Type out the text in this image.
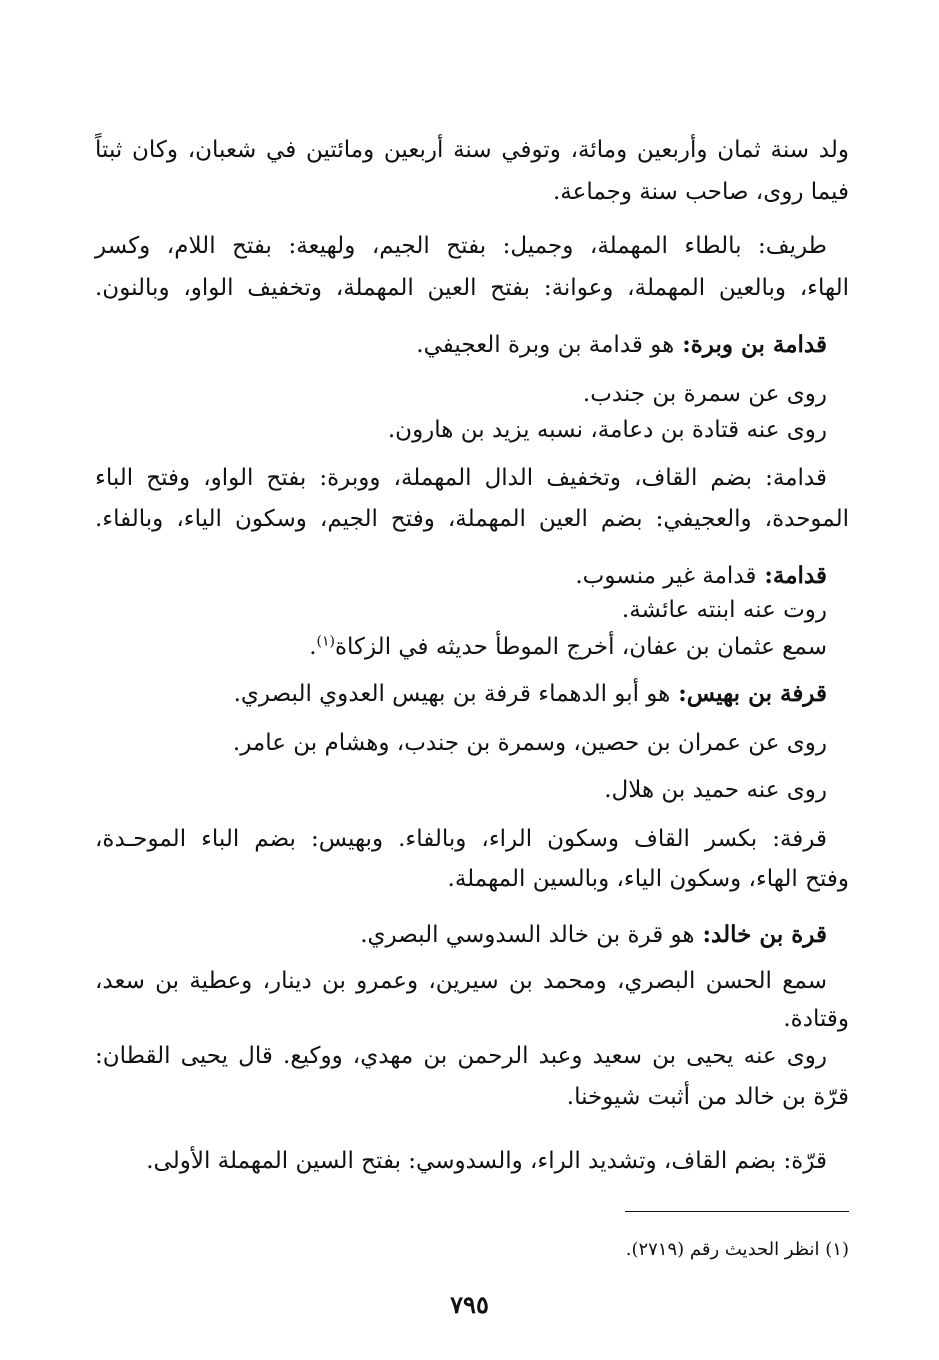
ولد سنة ثمان وأربعين ومائة، وتوفي سنة أربعين ومائتين في شعبان، وكان ثبتاً
فيما روى، صاحب سنة وجماعة.
طريف: بالطاء المهملة، وجميل: بفتح الجيم، ولهيعة: بفتح اللام، وكسر
الهاء، وبالعين المهملة، وعوانة: بفتح العين المهملة، وتخفيف الواو، وبالنون.
قدامة بن وبرة: هو قدامة بن وبرة العجيفي.
روى عن سمرة بن جندب.
روى عنه قتادة بن دعامة، نسبه يزيد بن هارون.
قدامة: بضم القاف، وتخفيف الدال المهملة، ووبرة: بفتح الواو، وفتح الباء
الموحدة، والعجيفي: بضم العين المهملة، وفتح الجيم، وسكون الياء، وبالفاء.
قدامة: قدامة غير منسوب.
روت عنه ابنته عائشة.
سمع عثمان بن عفان، أخرج الموطأ حديثه في الزكاة$^{(١)}$.
قرفة بن بهيس: هو أبو الدهماء قرفة بن بهيس العدوي البصري.
روى عن عمران بن حصين، وسمرة بن جندب، وهشام بن عامر.
روى عنه حميد بن هلال.
قرفة: بكسر القاف وسكون الراء، وبالفاء. وبهيس: بضم الباء الموحـدة،
وفتح الهاء، وسكون الياء، وبالسين المهملة.
قرة بن خالد: هو قرة بن خالد السدوسي البصري.
سمع الحسن البصري، ومحمد بن سيرين، وعمرو بن دينار، وعطية بن سعد،
وقتادة.
روى عنه يحيى بن سعيد وعبد الرحمن بن مهدي، ووكيع. قال يحيى القطان:
قرّة بن خالد من أثبت شيوخنا.
قرّة: بضم القاف، وتشديد الراء، والسدوسي: بفتح السين المهملة الأولى.
(١) انظر الحديث رقم (٢٧١٩).
٧٩٥
